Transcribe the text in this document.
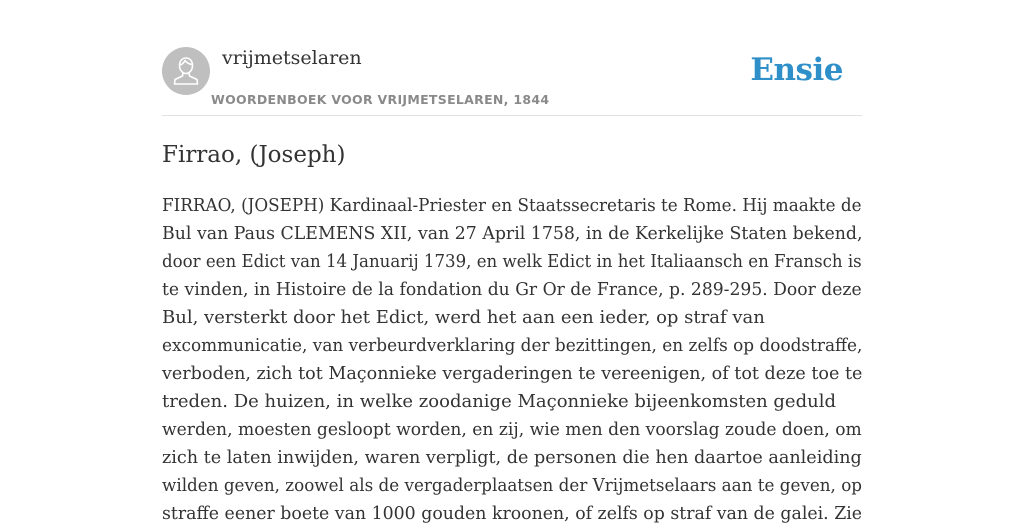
vrijmetselaren
WOORDENBOEK VOOR VRIJMETSELAREN, 1844
Ensie
Firrao, (Joseph)
FIRRAO, (JOSEPH) Kardinaal-Priester en Staatssecretaris te Rome. Hij maakte de
Bul van Paus CLEMENS XII, van 27 April 1758, in de Kerkelijke Staten bekend,
door een Edict van 14 Januarij 1739, en welk Edict in het Italiaansch en Fransch is
te vinden, in Histoire de la fondation du Gr Or de France, p. 289-295. Door deze
Bul, versterkt door het Edict, werd het aan een ieder, op straf van
excommunicatie, van verbeurdverklaring der bezittingen, en zelfs op doodstraffe,
verboden, zich tot Maçonnieke vergaderingen te vereenigen, of tot deze toe te
treden. De huizen, in welke zoodanige Maçonnieke bijeenkomsten geduld
werden, moesten gesloopt worden, en zij, wie men den voorslag zoude doen, om
zich te laten inwijden, waren verpligt, de personen die hen daartoe aanleiding
wilden geven, zoowel als de vergaderplaatsen der Vrijmetselaars aan te geven, op
straffe eener boete van 1000 gouden kroonen, of zelfs op straf van de galei. Zie
